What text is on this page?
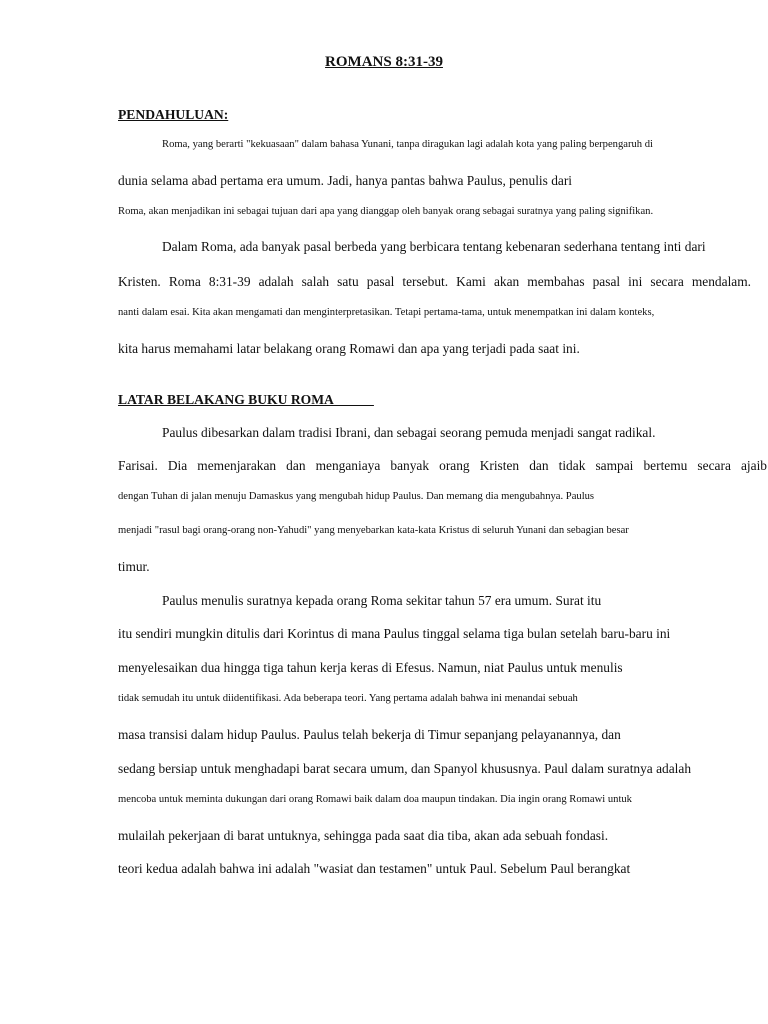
ROMANS 8:31-39
PENDAHULUAN:
Roma, yang berarti "kekuasaan" dalam bahasa Yunani, tanpa diragukan lagi adalah kota yang paling berpengaruh di
dunia selama abad pertama era umum. Jadi, hanya pantas bahwa Paulus, penulis dari
Roma, akan menjadikan ini sebagai tujuan dari apa yang dianggap oleh banyak orang sebagai suratnya yang paling signifikan.
Dalam Roma, ada banyak pasal berbeda yang berbicara tentang kebenaran sederhana tentang inti dari
Kristen. Roma 8:31-39 adalah salah satu pasal tersebut. Kami akan membahas pasal ini secara mendalam.
nanti dalam esai. Kita akan mengamati dan menginterpretasikan. Tetapi pertama-tama, untuk menempatkan ini dalam konteks,
kita harus memahami latar belakang orang Romawi dan apa yang terjadi pada saat ini.
LATAR BELAKANG BUKU ROMA
Paulus dibesarkan dalam tradisi Ibrani, dan sebagai seorang pemuda menjadi sangat radikal.
Farisai. Dia memenjarakan dan menganiaya banyak orang Kristen dan tidak sampai bertemu secara ajaib
dengan Tuhan di jalan menuju Damaskus yang mengubah hidup Paulus. Dan memang dia mengubahnya. Paulus
menjadi "rasul bagi orang-orang non-Yahudi" yang menyebarkan kata-kata Kristus di seluruh Yunani dan sebagian besar
timur.
Paulus menulis suratnya kepada orang Roma sekitar tahun 57 era umum. Surat itu
itu sendiri mungkin ditulis dari Korintus di mana Paulus tinggal selama tiga bulan setelah baru-baru ini
menyelesaikan dua hingga tiga tahun kerja keras di Efesus. Namun, niat Paulus untuk menulis
tidak semudah itu untuk diidentifikasi. Ada beberapa teori. Yang pertama adalah bahwa ini menandai sebuah
masa transisi dalam hidup Paulus. Paulus telah bekerja di Timur sepanjang pelayanannya, dan
sedang bersiap untuk menghadapi barat secara umum, dan Spanyol khususnya. Paul dalam suratnya adalah
mencoba untuk meminta dukungan dari orang Romawi baik dalam doa maupun tindakan. Dia ingin orang Romawi untuk
mulailah pekerjaan di barat untuknya, sehingga pada saat dia tiba, akan ada sebuah fondasi.
teori kedua adalah bahwa ini adalah "wasiat dan testamen" untuk Paul. Sebelum Paul berangkat
